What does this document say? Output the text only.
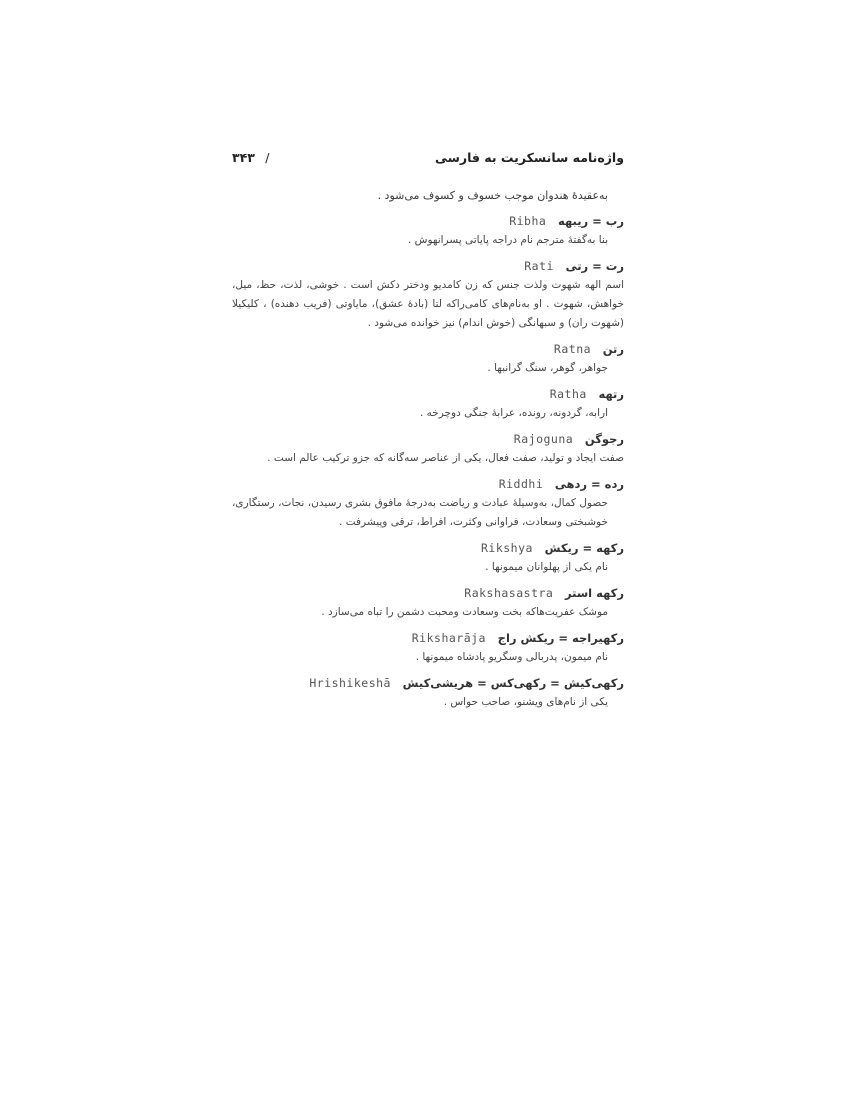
واژه‌نامه سانسکریت به فارسی
/ ۳۴۳
به‌عقیدهٔ هندوان موجب خسوف و کسوف می‌شود .
رب = ریبهه Ribha
بنا به‌گفتهٔ مترجم نام دراجه پایاتی پسرانهوش .
رت = رتی Rati
اسم الهه شهوت ولذت جنس که زن کامدیو ودختر دکش است . خوشی، لذت، حظ، میل، خواهش، شهوت . او به‌نام‌های کامی‌راکه لتا (بادهٔ عشق)، مایاوتی (فریب دهنده) ، کلیکیلا (شهوت ران) و سبهانگی (خوش اندام) نیز خوانده می‌شود .
رتن Ratna
جواهر، گوهر، سنگ گرانبها .
رتهه Ratha
ارابه، گردونه، رونده، عرابهٔ جنگی دوچرخه .
رجوگن Rajoguna
صفت ایجاد و تولید، صفت فعال، یکی از عناصر سه‌گانه که جزو ترکیب عالم است .
رده = ردهی Riddhi
حصول کمال، به‌وسیلهٔ عبادت و ریاضت به‌درجهٔ مافوق بشری رسیدن، نجات، رستگاری، خوشبختی وسعادت، فراوانی وکثرت، افراط، ترقی وپیشرفت .
رکهه = ریکش Rikshya
نام یکی از پهلوانان میمونها .
رکهه استر Rakshasastra
موشک عفریت‌هاکه بخت وسعادت ومحبت دشمن را تباه می‌سازد .
رکهیراجه = ریکش راج Riksharāja
نام میمون، پدربالی وسگریو پادشاه میمونها .
رکهی‌کیش = رکهی‌کس = هریشی‌کیش Hrishikeshā
یکی از نام‌های ویشنو، صاحب حواس .
